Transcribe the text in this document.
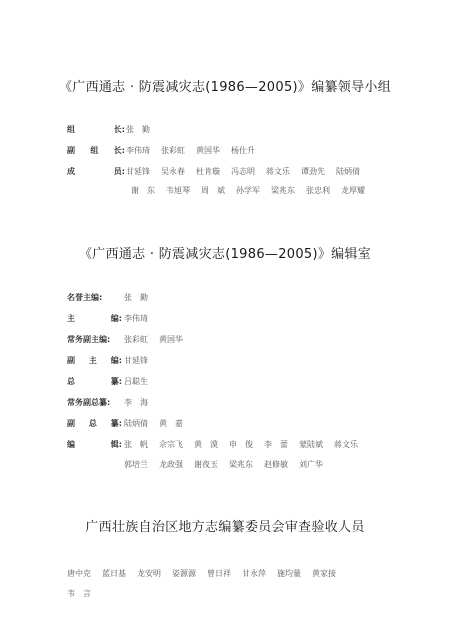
《广西通志 · 防震减灾志(1986—2005)》编纂领导小组
组	长: 张　勤
副 组 长: 李伟琦 张彩虹 黄国华 杨仕升
成	员: 甘延锋 吴永春 杜肯璇 冯志明 蒋文乐 谭劲先 陆炳倩
谢　东 韦旭琴 周　斌 孙学军 梁兆东 张忠利 龙厚耀
《广西通志 · 防震减灾志(1986—2005)》编辑室
名誉主编:	张　勤
主	编: 李伟琦
常务副主编: 张彩虹 黄国华
副 主 编: 甘延锋
总	纂: 吕聪生
常务副总纂: 李　海
副 总 纂: 陆炳倩 黄　嘉
编	辑: 张　帆 佘宗飞 黄　漠 申　俊 李　蕾 蒙陆斌 蒋文乐
郭培兰 龙政强 谢夜玉 梁兆东 赵修敏 刘广华
广西壮族自治区地方志编纂委员会审查验收人员
唐中克 蓝日基 龙安明 姿源源 曾日祥 甘永萍 施均量 黄家接
韦　言
